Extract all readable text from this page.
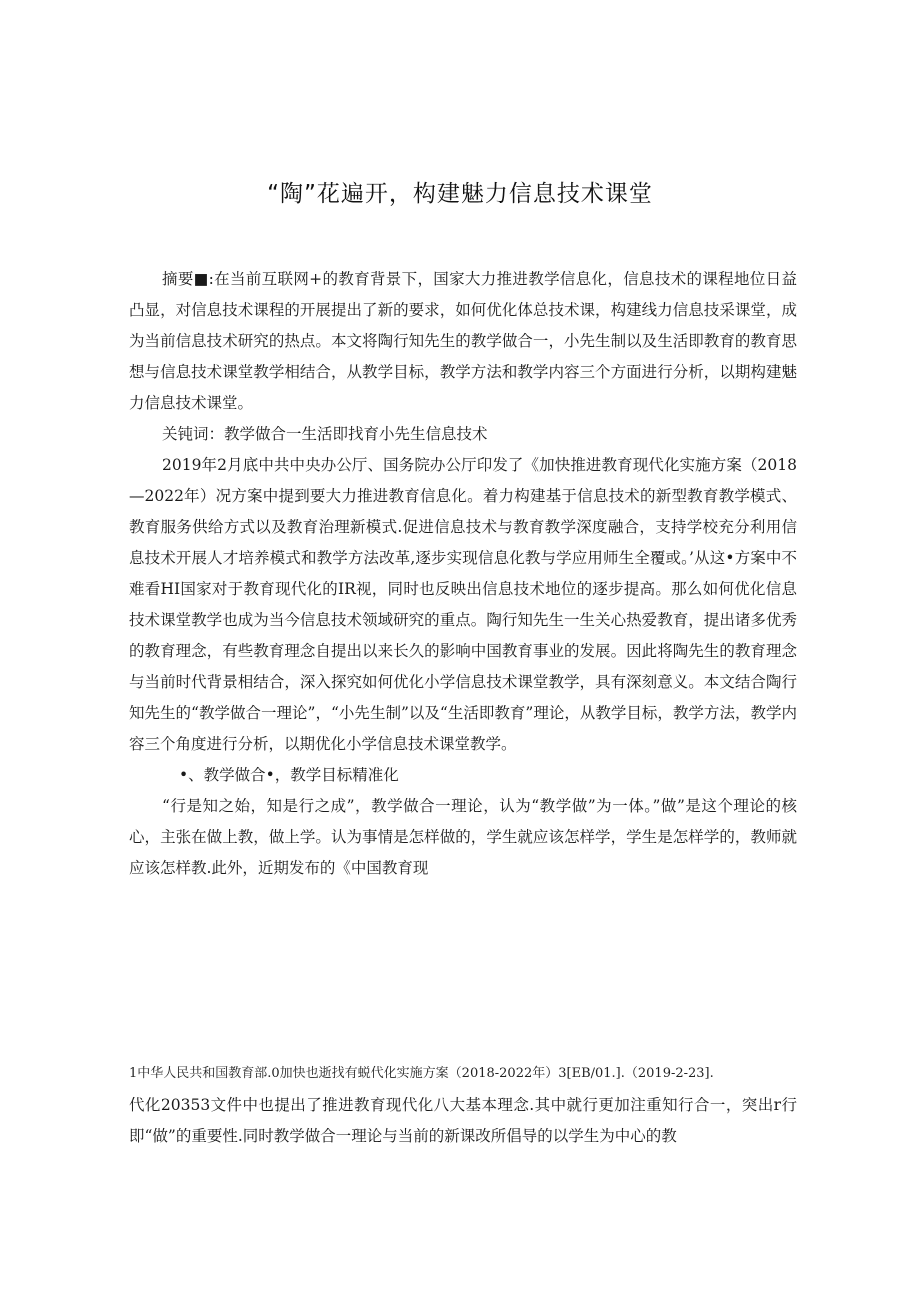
“陶”花遍开，构建魅力信息技术课堂

摘要■:在当前互联网+的教育背景下，国家大力推进教学信息化，信息技术的课程地位日益凸显，对信息技术课程的开展提出了新的要求，如何优化体总技术课，构建线力信息技采课堂，成为当前信息技术研究的热点。本文将陶行知先生的教学做合一，小先生制以及生活即教育的教育思想与信息技术课堂教学相结合，从教学目标，教学方法和教学内容三个方面进行分析，以期构建魅力信息技术课堂。

关钝词：教学做合一生活即找育小先生信息技术

2019年2月底中共中央办公厅、国务院办公厅印发了《加快推进教育现代化实施方案（2018—2022年）况方案中提到要大力推进教育信息化。着力构建基于信息技术的新型教育教学模式、教育服务供给方式以及教育治理新模式.促进信息技术与教育教学深度融合，支持学校充分利用信息技术开展人才培养模式和教学方法改革,逐步实现信息化教与学应用师生全覆或。’从这•方案中不难看HI国家对于教育现代化的IR视，同时也反映出信息技术地位的逐步提高。那么如何优化信息技术课堂教学也成为当今信息技术领域研究的重点。陶行知先生一生关心热爱教育，提出诸多优秀的教育理念，有些教育理念自提出以来长久的影响中国教育事业的发展。因此将陶先生的教育理念与当前时代背景相结合，深入探究如何优化小学信息技术课堂教学，具有深刻意义。本文结合陶行知先生的“教学做合一理论”，“小先生制”以及“生活即教育”理论，从教学目标，教学方法，教学内容三个角度进行分析，以期优化小学信息技术课堂教学。

•、教学做合•，教学目标精准化

“行是知之始，知是行之成”，教学做合一理论，认为“教学做”为一体。”做”是这个理论的核心，主张在做上教，做上学。认为事情是怎样做的，学生就应该怎样学，学生是怎样学的，教师就应该怎样教.此外，近期发布的《中国教育现

1中华人民共和国教育部.0加快也逝找有蜕代化实施方案（2018-2022年）3[EB/01.].（2019-2-23].

代化20353文件中也提出了推进教育现代化八大基本理念.其中就行更加注重知行合一，突出r行即“做”的重要性.同时教学做合一理论与当前的新课改所倡导的以学生为中心的教
